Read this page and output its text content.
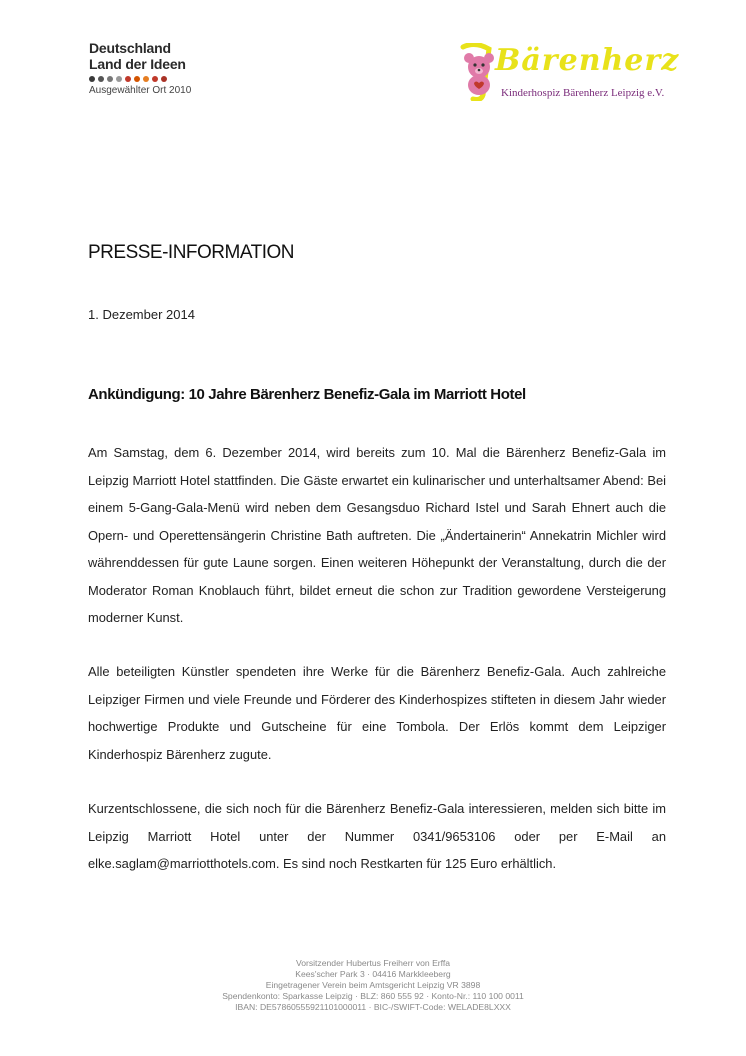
Deutschland
Land der Ideen
Ausgewählter Ort 2010
Bärenherz
Kinderhospiz Bärenherz Leipzig e.V.
PRESSE-INFORMATION
1. Dezember 2014
Ankündigung: 10 Jahre Bärenherz Benefiz-Gala im Marriott Hotel
Am Samstag, dem 6. Dezember 2014, wird bereits zum 10. Mal die Bärenherz Benefiz-Gala im Leipzig Marriott Hotel stattfinden. Die Gäste erwartet ein kulinarischer und unterhaltsamer Abend: Bei einem 5-Gang-Gala-Menü wird neben dem Gesangsduo Richard Istel und Sarah Ehnert auch die Opern- und Operettensängerin Christine Bath auftreten. Die „Ändertainerin“ Annekatrin Michler wird währenddessen für gute Laune sorgen. Einen weiteren Höhepunkt der Veranstaltung, durch die der Moderator Roman Knoblauch führt, bildet erneut die schon zur Tradition gewordene Versteigerung moderner Kunst.
Alle beteiligten Künstler spendeten ihre Werke für die Bärenherz Benefiz-Gala. Auch zahlreiche Leipziger Firmen und viele Freunde und Förderer des Kinderhospizes stifteten in diesem Jahr wieder hochwertige Produkte und Gutscheine für eine Tombola. Der Erlös kommt dem Leipziger Kinderhospiz Bärenherz zugute.
Kurzentschlossene, die sich noch für die Bärenherz Benefiz-Gala interessieren, melden sich bitte im Leipzig Marriott Hotel unter der Nummer 0341/9653106 oder per E-Mail an elke.saglam@marriotthotels.com. Es sind noch Restkarten für 125 Euro erhältlich.
Vorsitzender Hubertus Freiherr von Erffa
Kees'scher Park 3 · 04416 Markkleeberg
Eingetragener Verein beim Amtsgericht Leipzig VR 3898
Spendenkonto: Sparkasse Leipzig · BLZ: 860 555 92 · Konto-Nr.: 110 100 0011
IBAN: DE57860555921101000011 · BIC-/SWIFT-Code: WELADE8LXXX
